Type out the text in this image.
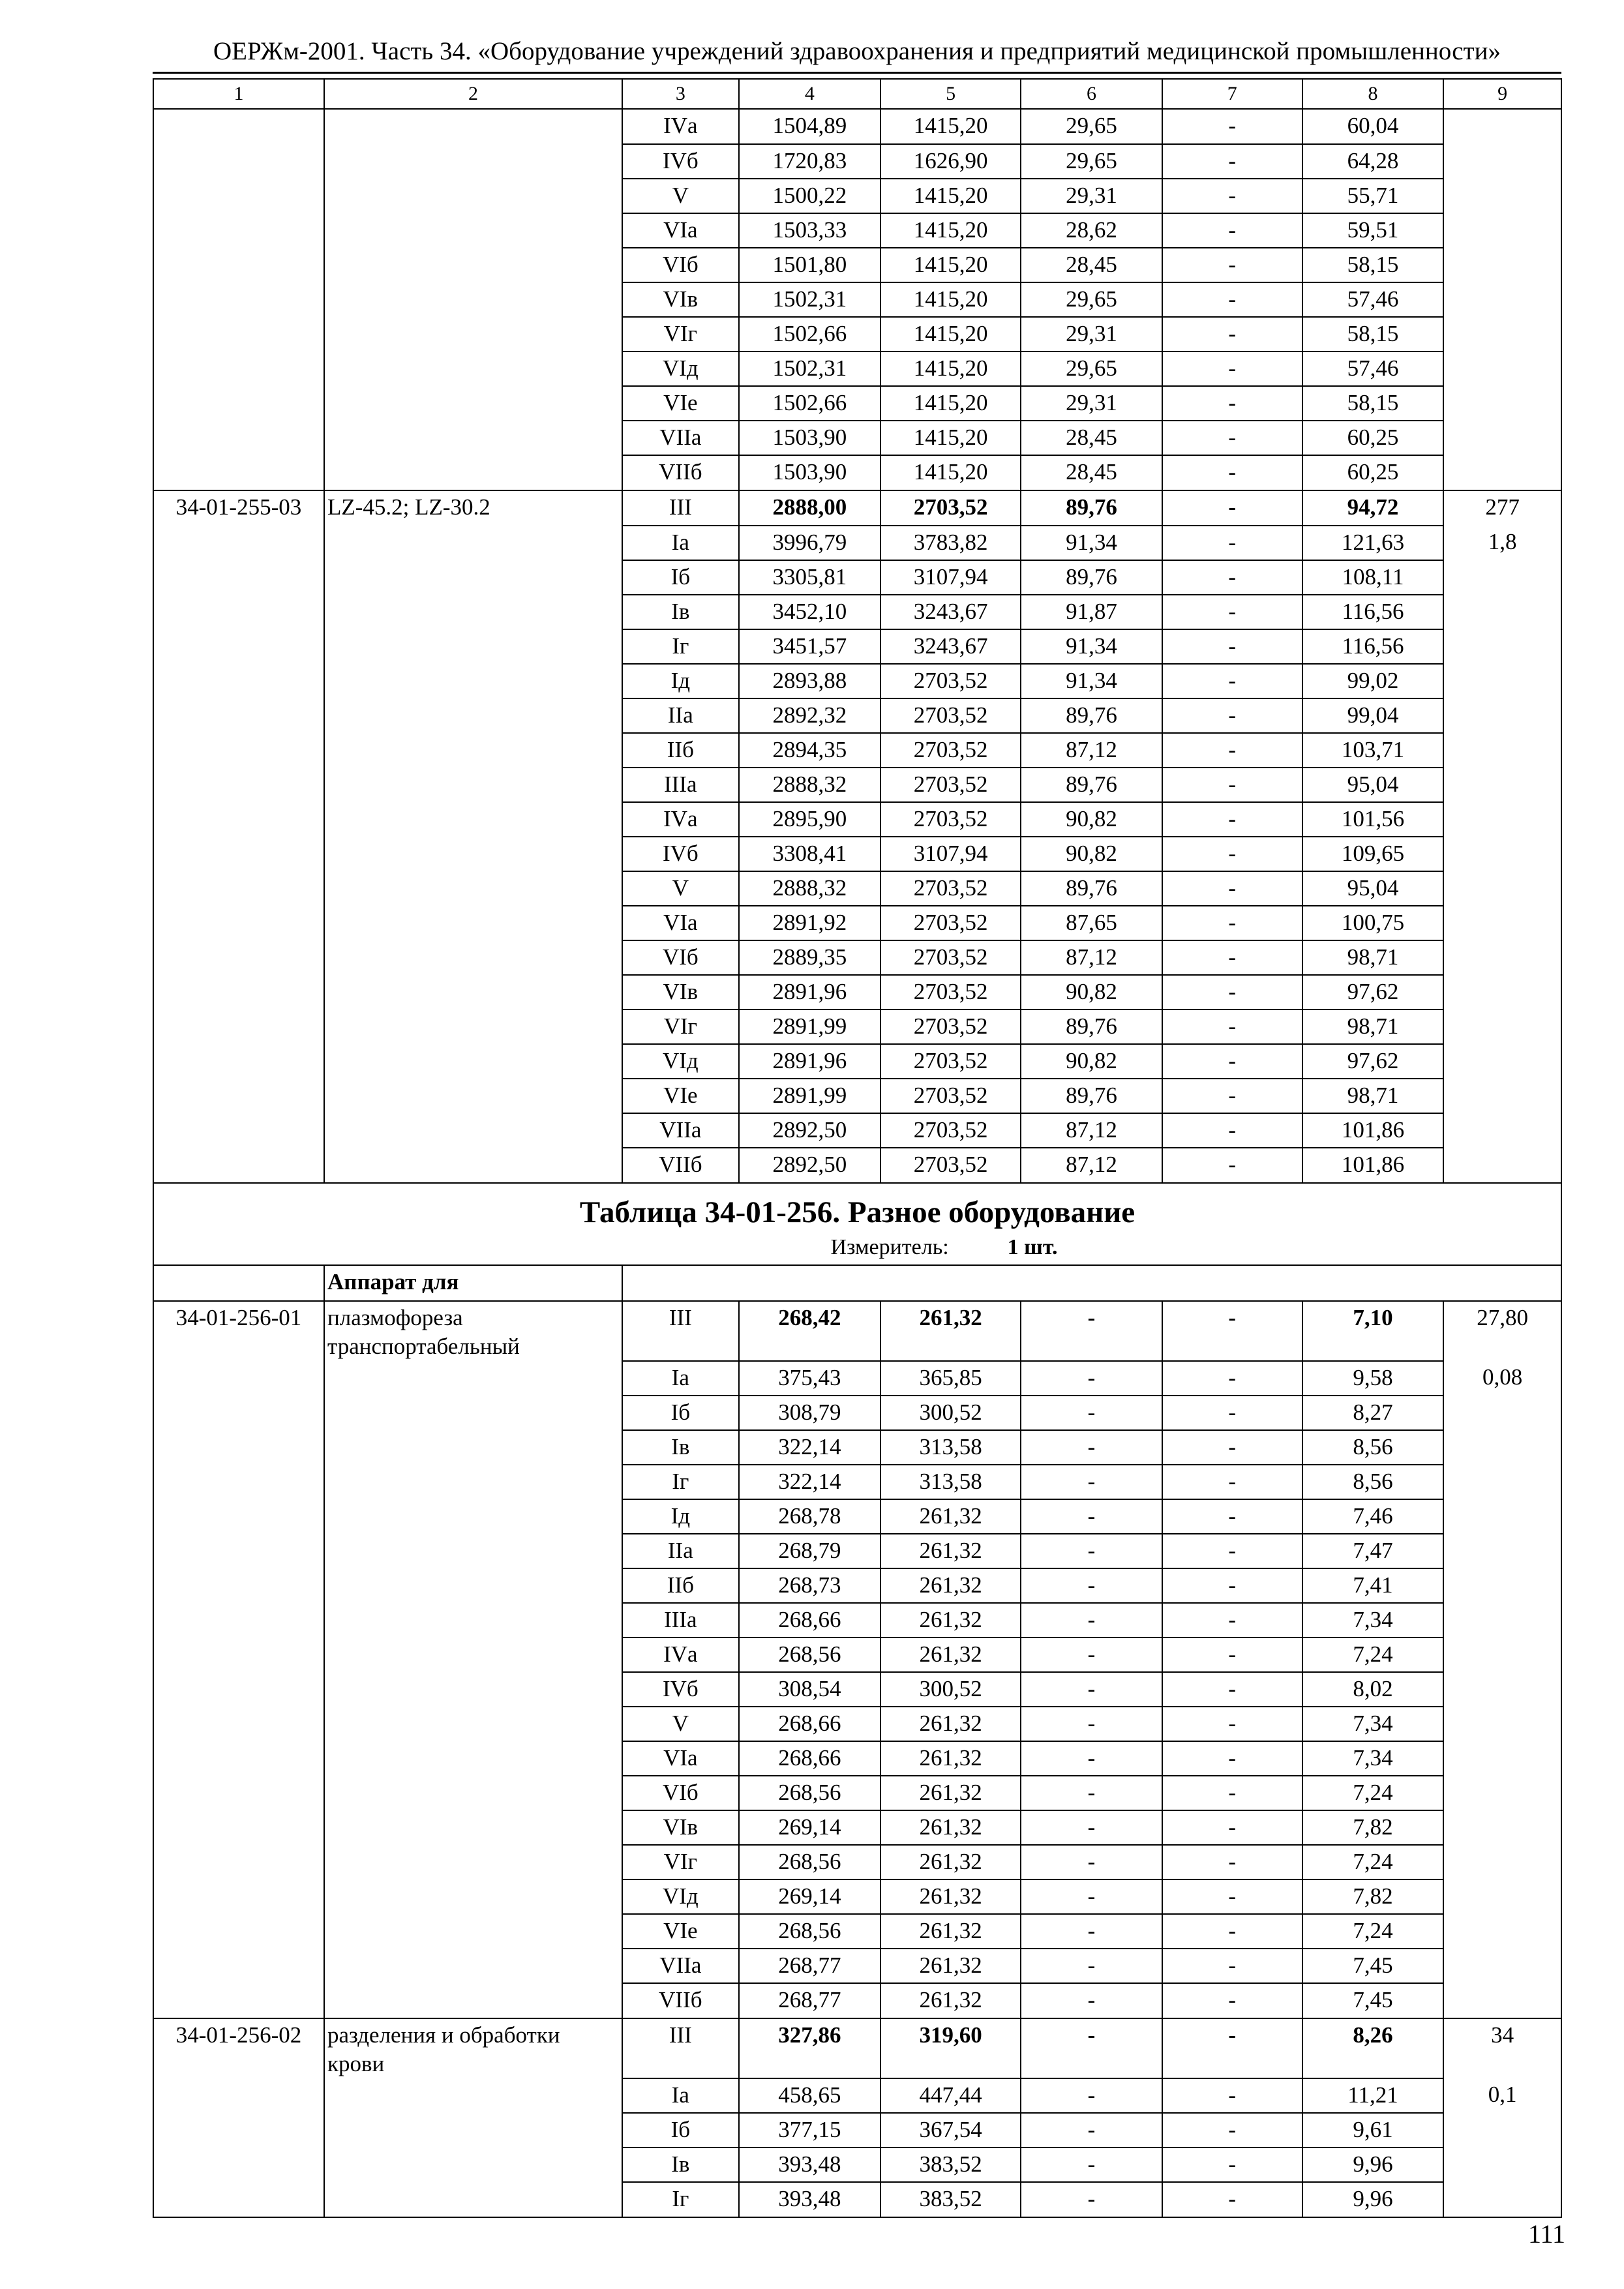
ОЕРЖм-2001. Часть 34. «Оборудование учреждений здравоохранения и предприятий медицинской промышленности»
1	2	3	4	5	6	7	8	9
		IVа	1504,89	1415,20	29,65	-	60,04	
		IVб	1720,83	1626,90	29,65	-	64,28	
		V	1500,22	1415,20	29,31	-	55,71	
		VIа	1503,33	1415,20	28,62	-	59,51	
		VIб	1501,80	1415,20	28,45	-	58,15	
		VIв	1502,31	1415,20	29,65	-	57,46	
		VIг	1502,66	1415,20	29,31	-	58,15	
		VIд	1502,31	1415,20	29,65	-	57,46	
		VIе	1502,66	1415,20	29,31	-	58,15	
		VIIа	1503,90	1415,20	28,45	-	60,25	
		VIIб	1503,90	1415,20	28,45	-	60,25	
34-01-255-03	LZ-45.2; LZ-30.2	III	2888,00	2703,52	89,76	-	94,72	277
		Iа	3996,79	3783,82	91,34	-	121,63	1,8
		Iб	3305,81	3107,94	89,76	-	108,11	
		Iв	3452,10	3243,67	91,87	-	116,56	
		Iг	3451,57	3243,67	91,34	-	116,56	
		Iд	2893,88	2703,52	91,34	-	99,02	
		IIа	2892,32	2703,52	89,76	-	99,04	
		IIб	2894,35	2703,52	87,12	-	103,71	
		IIIа	2888,32	2703,52	89,76	-	95,04	
		IVа	2895,90	2703,52	90,82	-	101,56	
		IVб	3308,41	3107,94	90,82	-	109,65	
		V	2888,32	2703,52	89,76	-	95,04	
		VIа	2891,92	2703,52	87,65	-	100,75	
		VIб	2889,35	2703,52	87,12	-	98,71	
		VIв	2891,96	2703,52	90,82	-	97,62	
		VIг	2891,99	2703,52	89,76	-	98,71	
		VIд	2891,96	2703,52	90,82	-	97,62	
		VIе	2891,99	2703,52	89,76	-	98,71	
		VIIа	2892,50	2703,52	87,12	-	101,86	
		VIIб	2892,50	2703,52	87,12	-	101,86	

Таблица 34-01-256. Разное оборудование
Измеритель: 1 шт.								

	Аппарат для							
34-01-256-01	плазмофореза транспортабельный	III	268,42	261,32	-	-	7,10	27,80
		Iа	375,43	365,85	-	-	9,58	0,08
		Iб	308,79	300,52	-	-	8,27	
		Iв	322,14	313,58	-	-	8,56	
		Iг	322,14	313,58	-	-	8,56	
		Iд	268,78	261,32	-	-	7,46	
		IIа	268,79	261,32	-	-	7,47	
		IIб	268,73	261,32	-	-	7,41	
		IIIа	268,66	261,32	-	-	7,34	
		IVа	268,56	261,32	-	-	7,24	
		IVб	308,54	300,52	-	-	8,02	
		V	268,66	261,32	-	-	7,34	
		VIа	268,66	261,32	-	-	7,34	
		VIб	268,56	261,32	-	-	7,24	
		VIв	269,14	261,32	-	-	7,82	
		VIг	268,56	261,32	-	-	7,24	
		VIд	269,14	261,32	-	-	7,82	
		VIе	268,56	261,32	-	-	7,24	
		VIIа	268,77	261,32	-	-	7,45	
		VIIб	268,77	261,32	-	-	7,45	
34-01-256-02	разделения и обработки крови	III	327,86	319,60	-	-	8,26	34
		Iа	458,65	447,44	-	-	11,21	0,1
		Iб	377,15	367,54	-	-	9,61	
		Iв	393,48	383,52	-	-	9,96	
		Iг	393,48	383,52	-	-	9,96	
111
